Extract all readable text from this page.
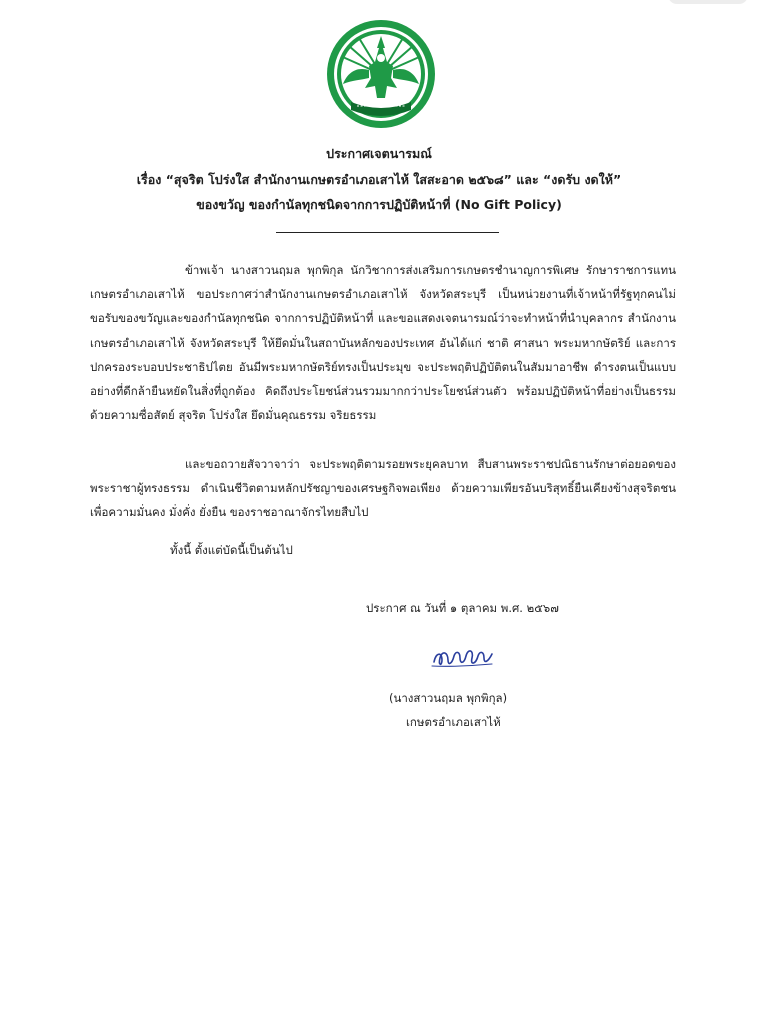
ประกาศเจตนารมณ์
เรื่อง “สุจริต โปร่งใส สำนักงานเกษตรอำเภอเสาไห้ ใสสะอาด ๒๕๖๘” และ “งดรับ งดให้”
ของขวัญ ของกำนัลทุกชนิดจากการปฏิบัติหน้าที่ (No Gift Policy)
ข้าพเจ้า นางสาวนฤมล พุกพิกุล นักวิชาการส่งเสริมการเกษตรชำนาญการพิเศษ รักษาราชการแทน เกษตรอำเภอเสาไห้ ขอประกาศว่าสำนักงานเกษตรอำเภอเสาไห้ จังหวัดสระบุรี เป็นหน่วยงานที่เจ้าหน้าที่รัฐทุกคนไม่ขอรับของขวัญและของกำนัลทุกชนิด จากการปฏิบัติหน้าที่ และขอแสดงเจตนารมณ์ว่าจะทำหน้าที่นำบุคลากร สำนักงานเกษตรอำเภอเสาไห้ จังหวัดสระบุรี ให้ยึดมั่นในสถาบันหลักของประเทศ อันได้แก่ ชาติ ศาสนา พระมหากษัตริย์ และการปกครองระบอบประชาธิปไตย อันมีพระมหากษัตริย์ทรงเป็นประมุข จะประพฤติปฏิบัติตนในสัมมาอาชีพ ดำรงตนเป็นแบบอย่างที่ดีกล้ายืนหยัดในสิ่งที่ถูกต้อง คิดถึงประโยชน์ส่วนรวมมากกว่าประโยชน์ส่วนตัว พร้อมปฏิบัติหน้าที่อย่างเป็นธรรม ด้วยความซื่อสัตย์ สุจริต โปร่งใส ยึดมั่นคุณธรรม จริยธรรม
และขอถวายสัจวาจาว่า จะประพฤติตามรอยพระยุคลบาท สืบสานพระราชปณิธานรักษาต่อยอดของพระราชาผู้ทรงธรรม ดำเนินชีวิตตามหลักปรัชญาของเศรษฐกิจพอเพียง ด้วยความเพียรอันบริสุทธิ์ยืนเคียงข้างสุจริตชน เพื่อความมั่นคง มั่งคั่ง ยั่งยืน ของราชอาณาจักรไทยสืบไป
ทั้งนี้ ตั้งแต่บัดนี้เป็นต้นไป
ประกาศ ณ วันที่ ๑ ตุลาคม พ.ศ. ๒๕๖๗
(นางสาวนฤมล พุกพิกุล)
เกษตรอำเภอเสาไห้
